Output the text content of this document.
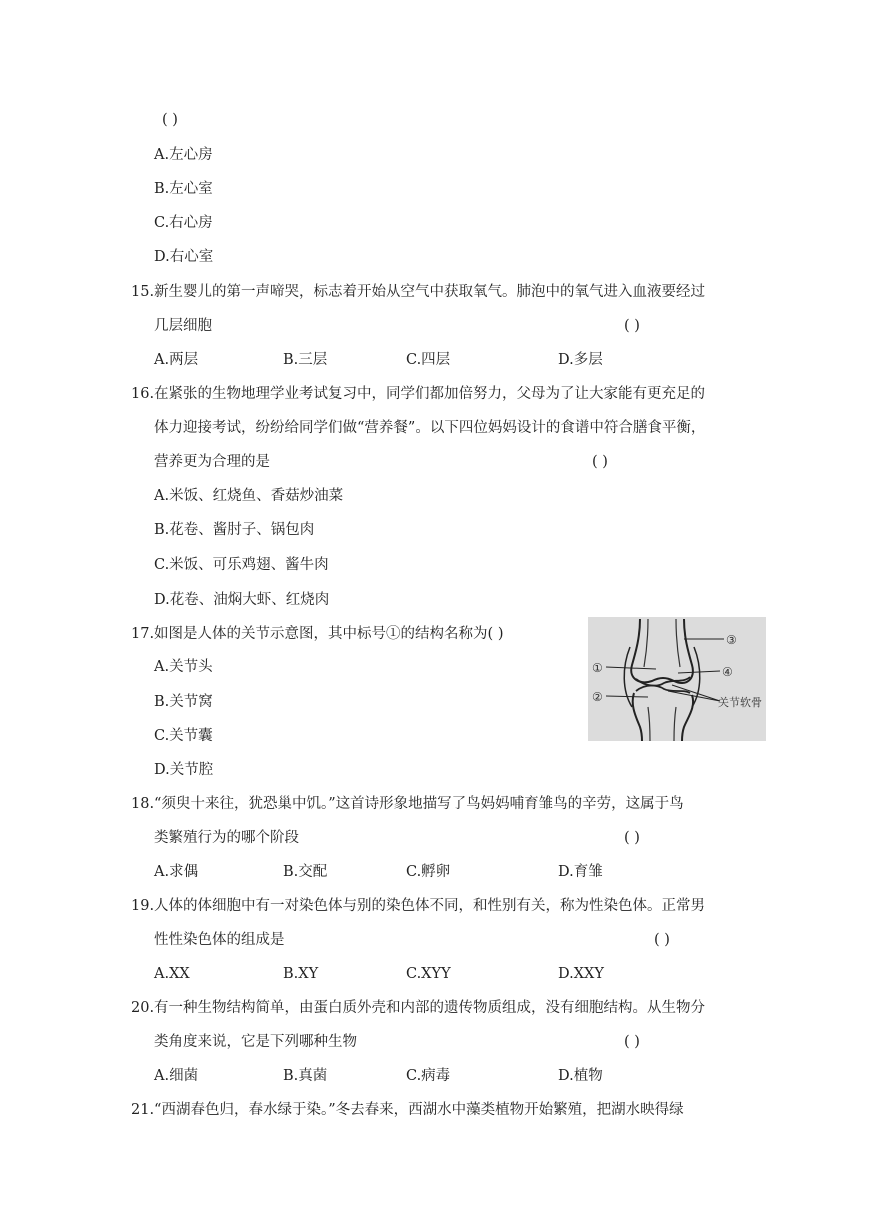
( )
A.左心房
B.左心室
C.右心房
D.右心室
15.新生婴儿的第一声啼哭，标志着开始从空气中获取氧气。肺泡中的氧气进入血液要经过
几层细胞	( )
A.两层	B.三层	C.四层	D.多层
16.在紧张的生物地理学业考试复习中，同学们都加倍努力，父母为了让大家能有更充足的
体力迎接考试，纷纷给同学们做“营养餐”。以下四位妈妈设计的食谱中符合膳食平衡，
营养更为合理的是	( )
A.米饭、红烧鱼、香菇炒油菜
B.花卷、酱肘子、锅包肉
C.米饭、可乐鸡翅、酱牛肉
D.花卷、油焖大虾、红烧肉
17.如图是人体的关节示意图，其中标号①的结构名称为( )
A.关节头
B.关节窝
C.关节囊
D.关节腔
①
②
③
④
关节软骨
18.“须臾十来往，犹恐巢中饥。”这首诗形象地描写了鸟妈妈哺育雏鸟的辛劳，这属于鸟
类繁殖行为的哪个阶段	( )
A.求偶	B.交配	C.孵卵	D.育雏
19.人体的体细胞中有一对染色体与别的染色体不同，和性别有关，称为性染色体。正常男
性性染色体的组成是	( )
A.XX	B.XY	C.XYY	D.XXY
20.有一种生物结构简单，由蛋白质外壳和内部的遗传物质组成，没有细胞结构。从生物分
类角度来说，它是下列哪种生物	( )
A.细菌	B.真菌	C.病毒	D.植物
21.“西湖春色归，春水绿于染。”冬去春来，西湖水中藻类植物开始繁殖，把湖水映得绿
